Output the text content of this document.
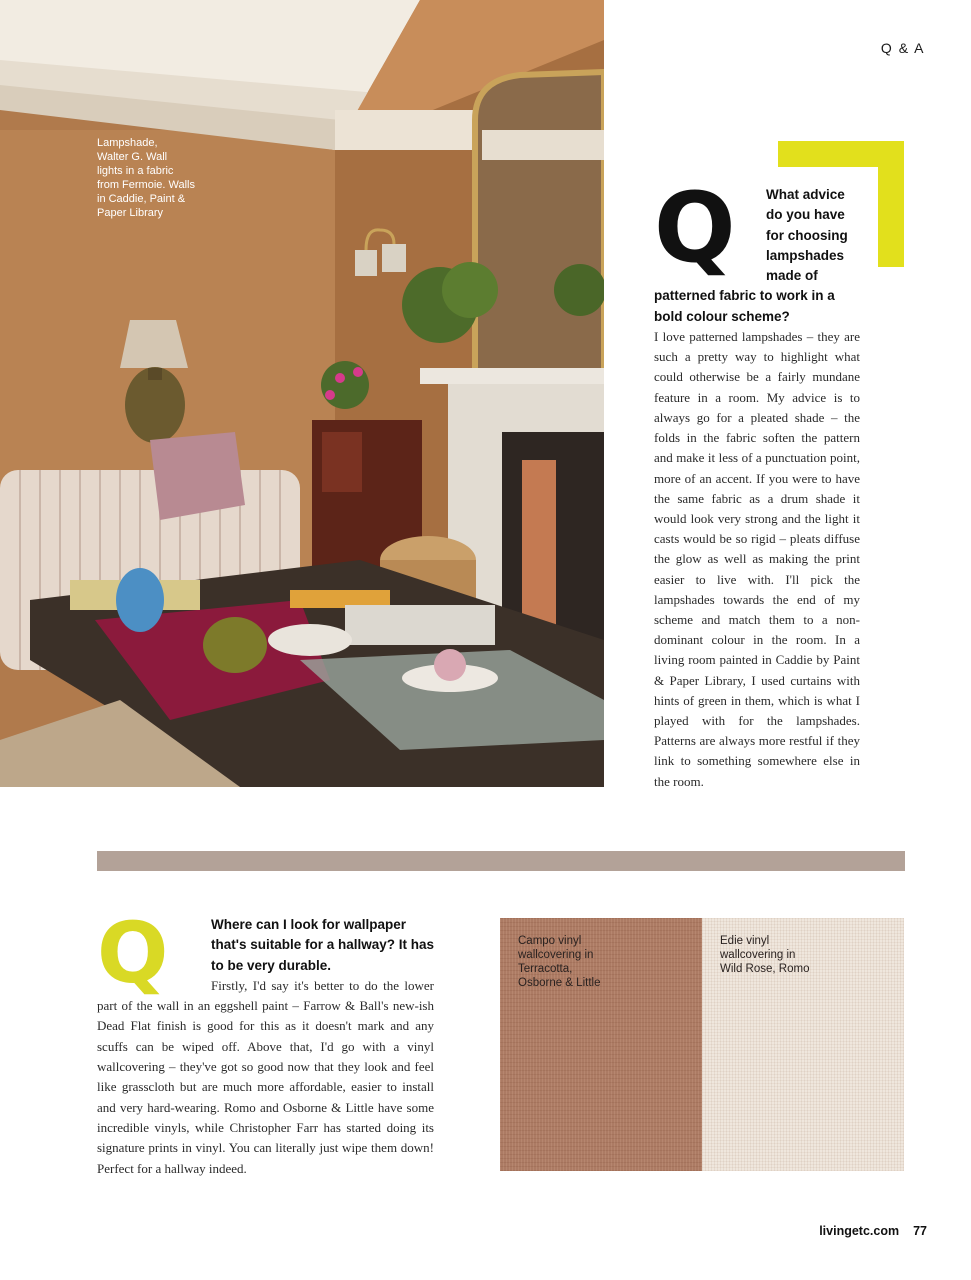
Lampshade,
Walter G. Wall
lights in a fabric
from Fermoie. Walls
in Caddie, Paint &
Paper Library
Q & A
Q	What advice do you have for choosing lampshades made of patterned fabric to work in a bold colour scheme?
I love patterned lampshades – they are such a pretty way to highlight what could otherwise be a fairly mundane feature in a room. My advice is to always go for a pleated shade – the folds in the fabric soften the pattern and make it less of a punctuation point, more of an accent. If you were to have the same fabric as a drum shade it would look very strong and the light it casts would be so rigid – pleats diffuse the glow as well as making the print easier to live with. I'll pick the lampshades towards the end of my scheme and match them to a non-dominant colour in the room. In a living room painted in Caddie by Paint & Paper Library, I used curtains with hints of green in them, which is what I played with for the lampshades. Patterns are always more restful if they link to something somewhere else in the room.
Q	Where can I look for wallpaper that's suitable for a hallway? It has to be very durable.
Firstly, I'd say it's better to do the lower part of the wall in an eggshell paint – Farrow & Ball's new-ish Dead Flat finish is good for this as it doesn't mark and any scuffs can be wiped off. Above that, I'd go with a vinyl wallcovering – they've got so good now that they look and feel like grasscloth but are much more affordable, easier to install and very hard-wearing. Romo and Osborne & Little have some incredible vinyls, while Christopher Farr has started doing its signature prints in vinyl. You can literally just wipe them down! Perfect for a hallway indeed.
Campo vinyl
wallcovering in
Terracotta,
Osborne & Little
Edie vinyl
wallcovering in
Wild Rose, Romo
livingetc.com 77
